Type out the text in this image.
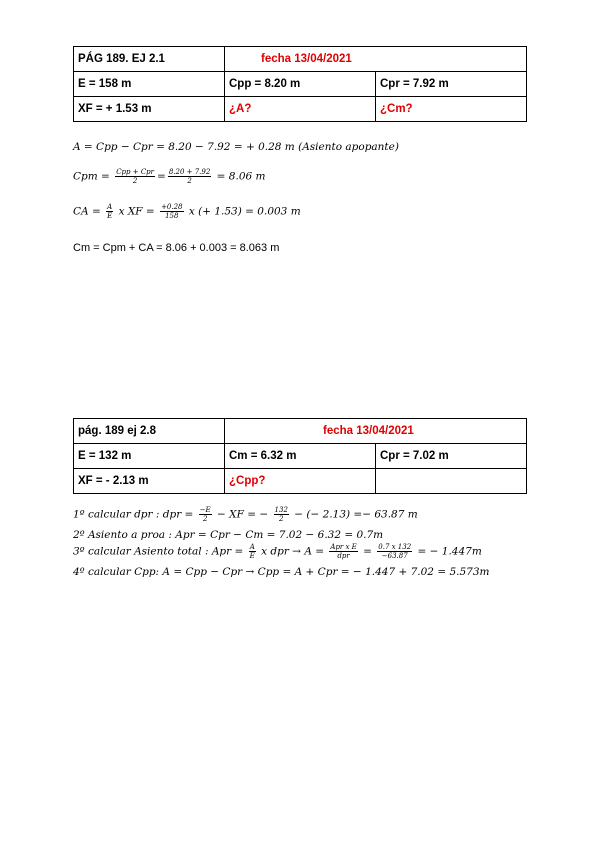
PÁG 189. EJ 2.1	fecha 13/04/2021	
E = 158 m	Cpp = 8.20 m	Cpr = 7.92 m
XF = + 1.53 m	¿A?	¿Cm?
A = Cpp − Cpr = 8.20 − 7.92 = + 0.28 m (Asiento apopante)
Cpm = $\frac{\text{Cpp + Cpr}}{2} = \frac{8.20 + 7.92}{2} = 8.06$ m
CA = $\frac{A}{E}$ x XF = $\frac{+0.28}{158}$ x (+ 1.53) = 0.003 m
Cm = Cpm + CA = 8.06 + 0.003 = 8.063 m
pág. 189 ej 2.8	fecha 13/04/2021	
E = 132 m	Cm = 6.32 m	Cpr = 7.02 m
XF = - 2.13 m	¿Cpp?	
1º calcular dpr : dpr = $\frac{-E}{2}$ − XF = − $\frac{132}{2}$ − (− 2.13) =− 63.87 m
2º Asiento a proa : Apr = Cpr − Cm = 7.02 − 6.32 = 0.7m
3º calcular Asiento total : Apr = $\frac{A}{E}$ x dpr → $A = \frac{\text{Apr x E}}{\text{dpr}} = \frac{0.7 x 132}{-63.87}$ = − 1.447m
4º calcular Cpp: A = Cpp − Cpr → Cpp = A + Cpr = − 1.447 + 7.02 = 5.573m
